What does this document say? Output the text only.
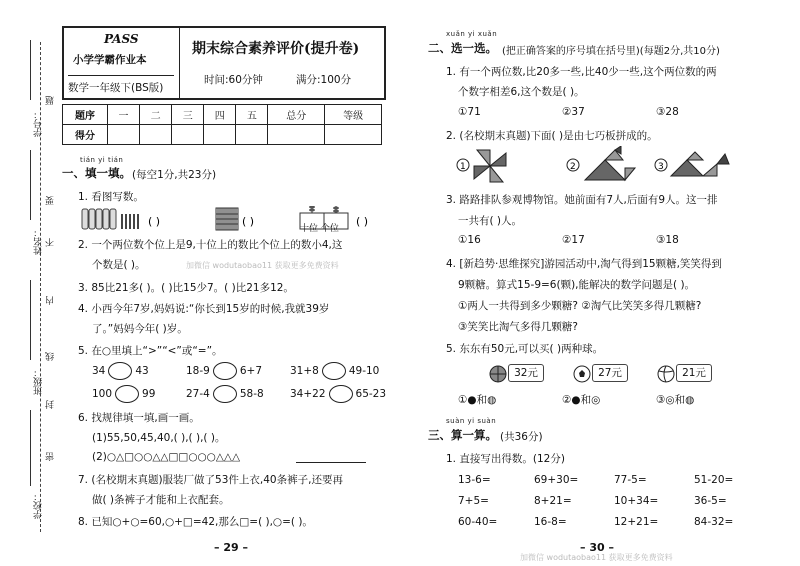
学号：
姓名：
班级：
学校：
题
要
不
内
线
封
密
PASS
小学学霸作业本
数学一年级下(BS版)
期末综合素养评价(提升卷)
时间:60分钟	满分:100分
题序	一	二	三	四	五	总分	等级
得分							
tián yi tián
一、填一填。 (每空1分,共23分)
1. 看图写数。
( )	( )	( )
十位 个位
2. 一个两位数个位上是9,十位上的数比个位上的数小4,这
个数是( )。	加微信 wodutaobao11 获取更多免费资料
3. 85比21多( )。( )比15少7。( )比21多12。
4. 小西今年7岁,妈妈说:“你长到15岁的时候,我就39岁
了。”妈妈今年( )岁。
5. 在○里填上“>”“<”或“=”。
34	43	18-9	6+7	31+8	49-10
100	99	27-4	58-8	34+22	65-23
6. 找规律填一填,画一画。
(1)55,50,45,40,( ),( ),( )。
(2)○△□○○△△□□○○○△△△
7. (名校期末真题)服装厂做了53件上衣,40条裤子,还要再
做( )条裤子才能和上衣配套。
8. 已知○+○=60,○+□=42,那么□=( ),○=( )。
– 29 –
xuǎn yi xuǎn
二、选一选。 (把正确答案的序号填在括号里)(每题2分,共10分)
1. 有一个两位数,比20多一些,比40少一些,这个两位数的两
个数字相差6,这个数是( )。
①71	②37	③28
2. (名校期末真题)下面( )是由七巧板拼成的。
1	2	3
3. 路路排队参观博物馆。她前面有7人,后面有9人。这一排
一共有( )人。
①16	②17	③18
4. [新趋势·思维探究]游园活动中,淘气得到15颗糖,笑笑得到
9颗糖。算式15-9=6(颗),能解决的数学问题是( )。
①两人一共得到多少颗糖? ②淘气比笑笑多得几颗糖?
③笑笑比淘气多得几颗糖?
5. 东东有50元,可以买( )两种球。
32元	27元	21元
①●和◍	②●和◎	③◎和◍
suàn yi suàn
三、算一算。 (共36分)
1. 直接写出得数。(12分)
13-6=	69+30=	77-5=	51-20=
7+5=	8+21=	10+34=	36-5=
60-40=	16-8=	12+21=	84-32=
– 30 –
加微信 wodutaobao11 获取更多免费资料
